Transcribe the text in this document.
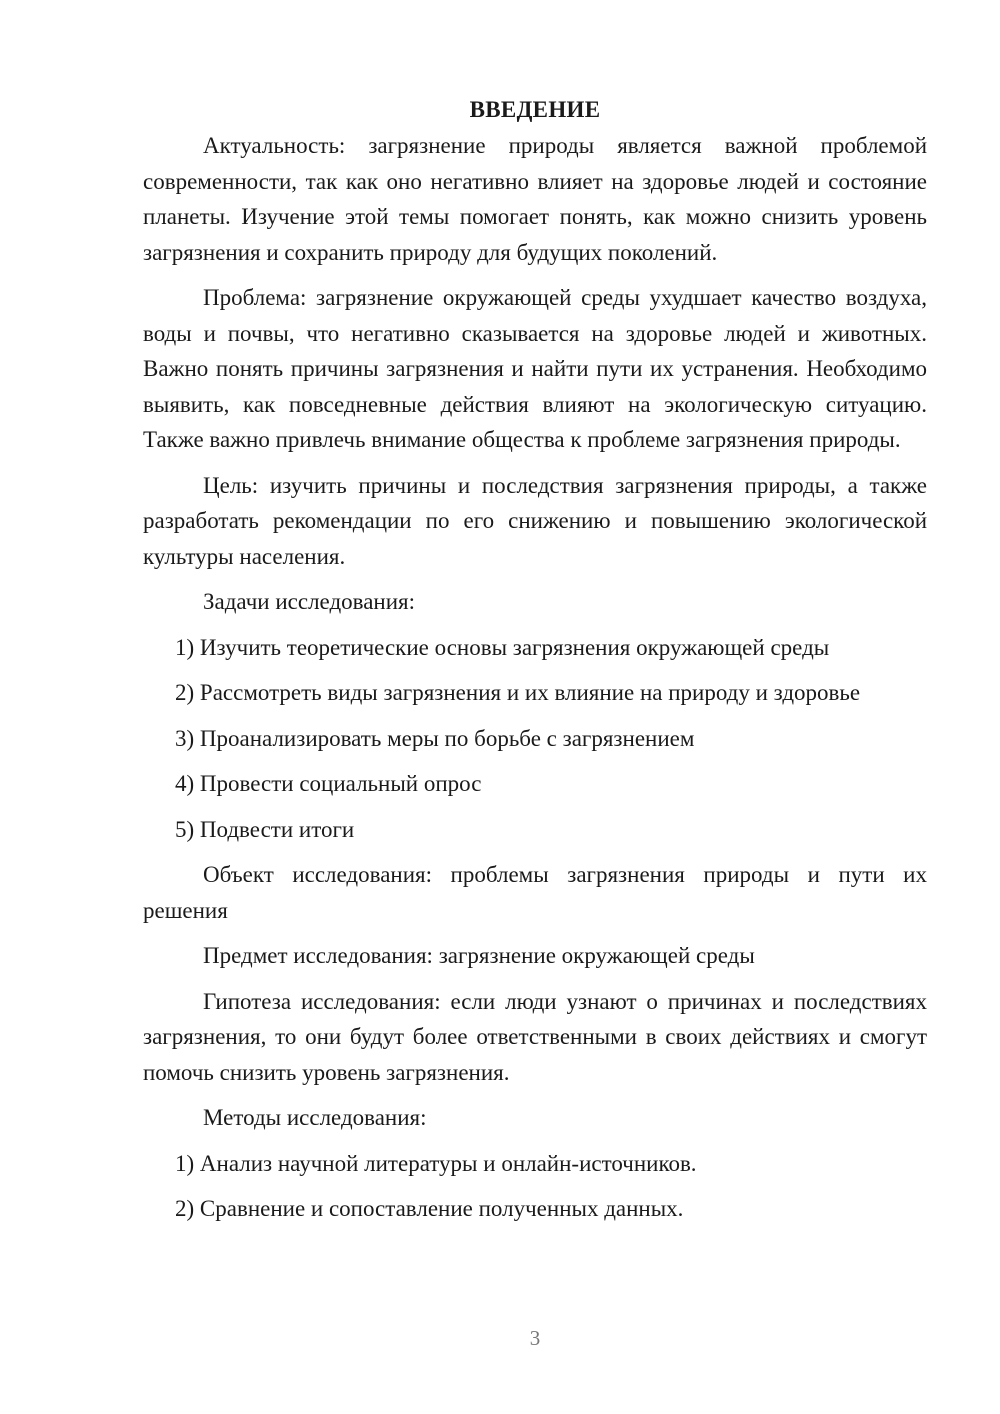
ВВЕДЕНИЕ

Актуальность: загрязнение природы является важной проблемой современности, так как оно негативно влияет на здоровье людей и состояние планеты. Изучение этой темы помогает понять, как можно снизить уровень загрязнения и сохранить природу для будущих поколений.

Проблема: загрязнение окружающей среды ухудшает качество воздуха, воды и почвы, что негативно сказывается на здоровье людей и животных. Важно понять причины загрязнения и найти пути их устранения. Необходимо выявить, как повседневные действия влияют на экологическую ситуацию. Также важно привлечь внимание общества к проблеме загрязнения природы.

Цель: изучить причины и последствия загрязнения природы, а также разработать рекомендации по его снижению и повышению экологической культуры населения.

Задачи исследования:

1) Изучить теоретические основы загрязнения окружающей среды
2) Рассмотреть виды загрязнения и их влияние на природу и здоровье
3) Проанализировать меры по борьбе с загрязнением
4) Провести социальный опрос
5) Подвести итоги

Объект исследования: проблемы загрязнения природы и пути их решения

Предмет исследования: загрязнение окружающей среды

Гипотеза исследования: если люди узнают о причинах и последствиях загрязнения, то они будут более ответственными в своих действиях и смогут помочь снизить уровень загрязнения.

Методы исследования:

1) Анализ научной литературы и онлайн-источников.
2) Сравнение и сопоставление полученных данных.
3
